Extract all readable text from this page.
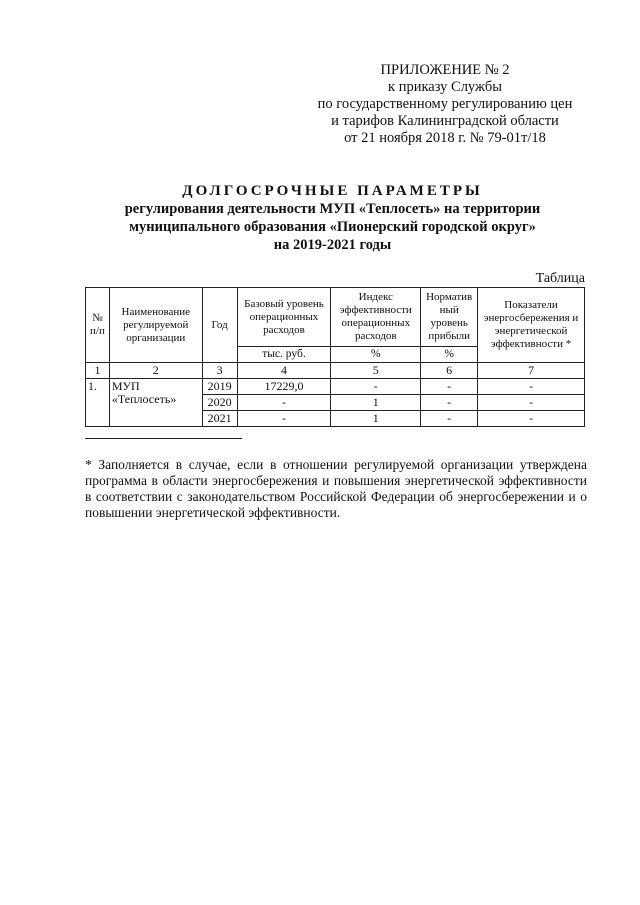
ПРИЛОЖЕНИЕ № 2
к приказу Службы
по государственному регулированию цен
и тарифов Калининградской области
от 21 ноября 2018 г. № 79-01т/18
ДОЛГОСРОЧНЫЕ ПАРАМЕТРЫ
регулирования деятельности МУП «Теплосеть» на территории
муниципального образования «Пионерский городской округ»
на 2019-2021 годы
Таблица
№ п/п	Наименование регулируемой организации	Год	Базовый уровень операционных расходов	Индекс эффективности операционных расходов	Норматив ный уровень прибыли	Показатели энергосбережения и энергетической эффективности *
			тыс. руб.	%	%	
1	2	3	4	5	6	7
1.	МУП «Теплосеть»	2019	17229,0	-	-	-
		2020	-	1	-	-
		2021	-	1	-	-
* Заполняется в случае, если в отношении регулируемой организации утверждена программа в области энергосбережения и повышения энергетической эффективности в соответствии с законодательством Российской Федерации об энергосбережении и о повышении энергетической эффективности.
